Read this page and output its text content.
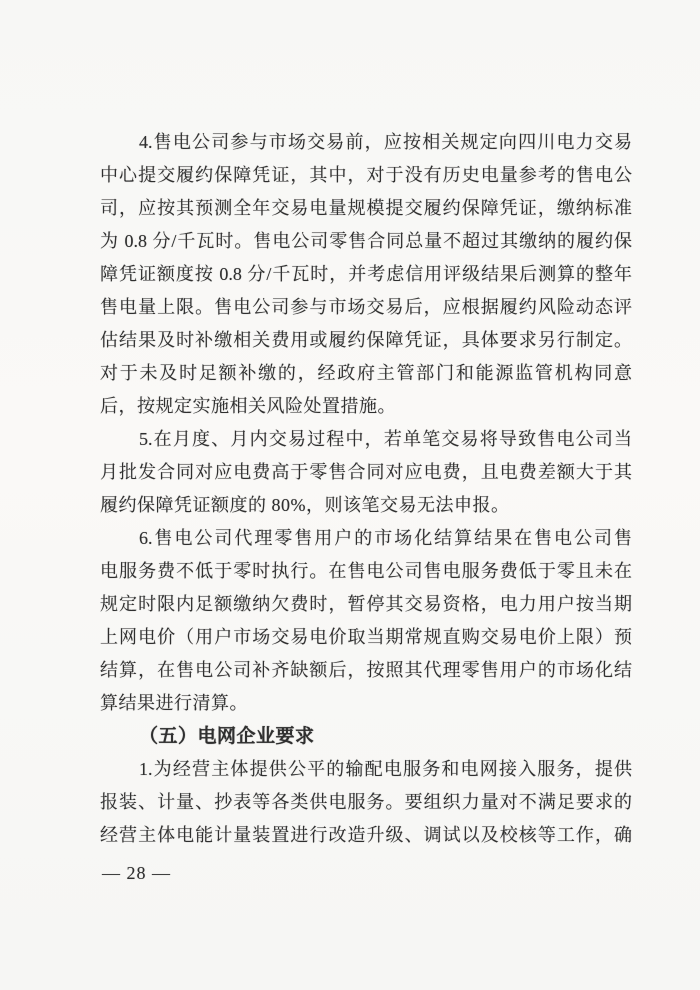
4.售电公司参与市场交易前，应按相关规定向四川电力交易
中心提交履约保障凭证，其中，对于没有历史电量参考的售电公
司，应按其预测全年交易电量规模提交履约保障凭证，缴纳标准
为 0.8 分/千瓦时。售电公司零售合同总量不超过其缴纳的履约保
障凭证额度按 0.8 分/千瓦时，并考虑信用评级结果后测算的整年
售电量上限。售电公司参与市场交易后，应根据履约风险动态评
估结果及时补缴相关费用或履约保障凭证，具体要求另行制定。
对于未及时足额补缴的，经政府主管部门和能源监管机构同意
后，按规定实施相关风险处置措施。
5.在月度、月内交易过程中，若单笔交易将导致售电公司当
月批发合同对应电费高于零售合同对应电费，且电费差额大于其
履约保障凭证额度的 80%，则该笔交易无法申报。
6.售电公司代理零售用户的市场化结算结果在售电公司售
电服务费不低于零时执行。在售电公司售电服务费低于零且未在
规定时限内足额缴纳欠费时，暂停其交易资格，电力用户按当期
上网电价（用户市场交易电价取当期常规直购交易电价上限）预
结算，在售电公司补齐缺额后，按照其代理零售用户的市场化结
算结果进行清算。
（五）电网企业要求
1.为经营主体提供公平的输配电服务和电网接入服务，提供
报装、计量、抄表等各类供电服务。要组织力量对不满足要求的
经营主体电能计量装置进行改造升级、调试以及校核等工作，确
— 28 —
